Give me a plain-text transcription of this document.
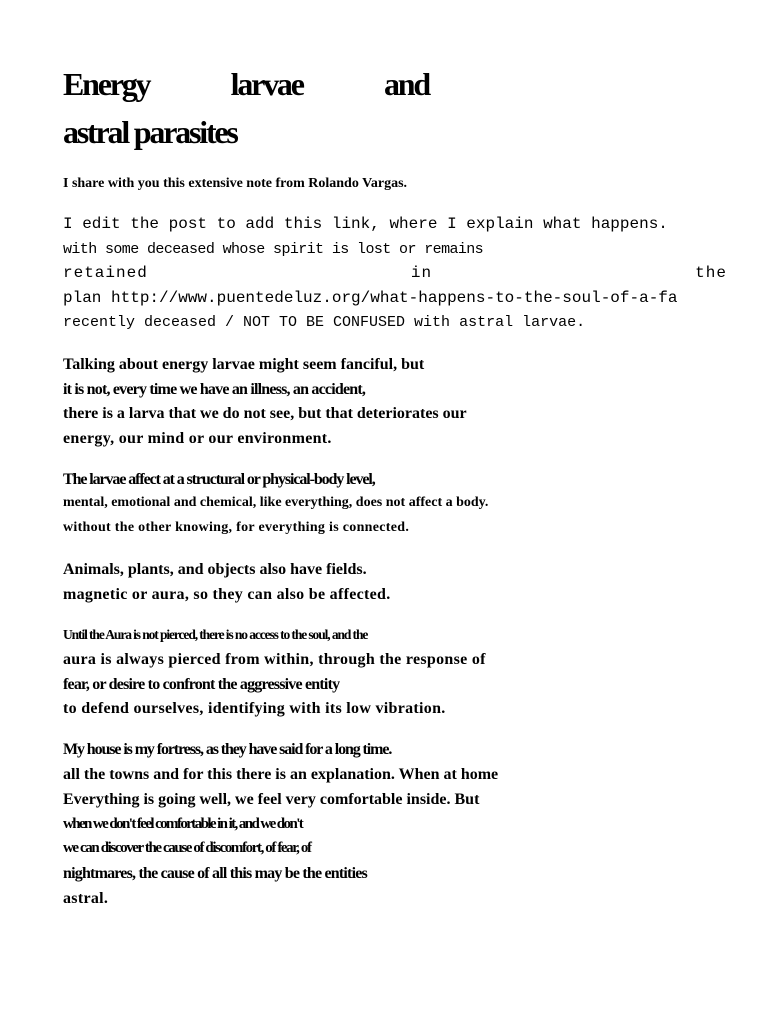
Energy	larvae	and
astral parasites
I share with you this extensive note from Rolando Vargas.
I edit the post to add this link, where I explain what happens.
with some deceased whose spirit is lost or remains
retained	in	the
plan http://www.puentedeluz.org/what-happens-to-the-soul-of-a-fa
recently deceased / NOT TO BE CONFUSED with astral larvae.
Talking about energy larvae might seem fanciful, but
it is not, every time we have an illness, an accident,
there is a larva that we do not see, but that deteriorates our
energy, our mind or our environment.
The larvae affect at a structural or physical-body level,
mental, emotional and chemical, like everything, does not affect a body.
without the other knowing, for everything is connected.
Animals, plants, and objects also have fields.
magnetic or aura, so they can also be affected.
Until the Aura is not pierced, there is no access to the soul, and the
aura is always pierced from within, through the response of
fear, or desire to confront the aggressive entity
to defend ourselves, identifying with its low vibration.
My house is my fortress, as they have said for a long time.
all the towns and for this there is an explanation. When at home
Everything is going well, we feel very comfortable inside. But
when we don't feel comfortable in it, and we don't
we can discover the cause of discomfort, of fear, of
nightmares, the cause of all this may be the entities
astral.
